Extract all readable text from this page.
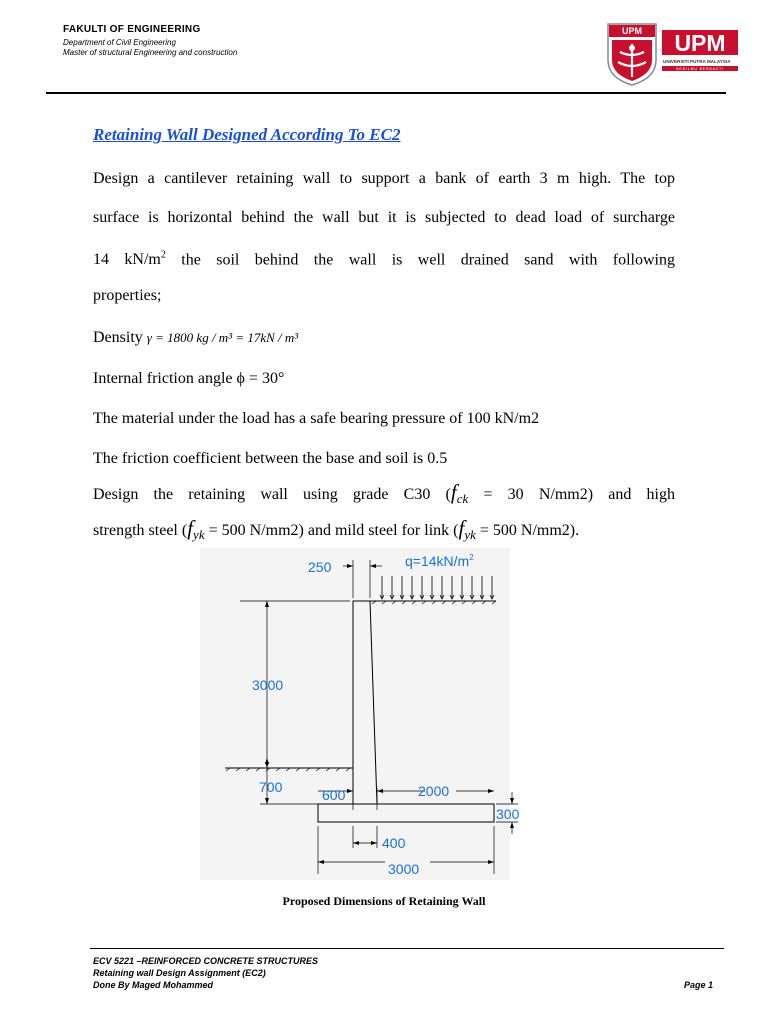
FAKULTI OF ENGINEERING
Department of Civil Engineering
Master of structural Engineering and construction
UPM UPM
UNIVERSITI PUTRA MALAYSIA
BERILMU BERBAKTI
Retaining Wall Designed According To EC2
Design a cantilever retaining wall to support a bank of earth 3 m high. The top
surface is horizontal behind the wall but it is subjected to dead load of surcharge
14 $kN/m^2$ the soil behind the wall is well drained sand with following
properties;
Density γ = 1800 kg / m³ = 17kN / m³
Internal friction angle ϕ = 30°
The material under the load has a safe bearing pressure of 100 kN/m2
The friction coefficient between the base and soil is 0.5
Design the retaining wall using grade C30 ($f_{ck} = 30$ N/mm2) and high
strength steel ($f_{yk} = 500$ N/mm2) and mild steel for link ($f_{yk} = 500$ N/mm2).
250	$q=14kN/m^2$
3000
700	600	2000
300
400
3000
Proposed Dimensions of Retaining Wall
ECV 5221 –REINFORCED CONCRETE STRUCTURES
Retaining wall Design Assignment (EC2)
Done By Maged Mohammed	Page 1
